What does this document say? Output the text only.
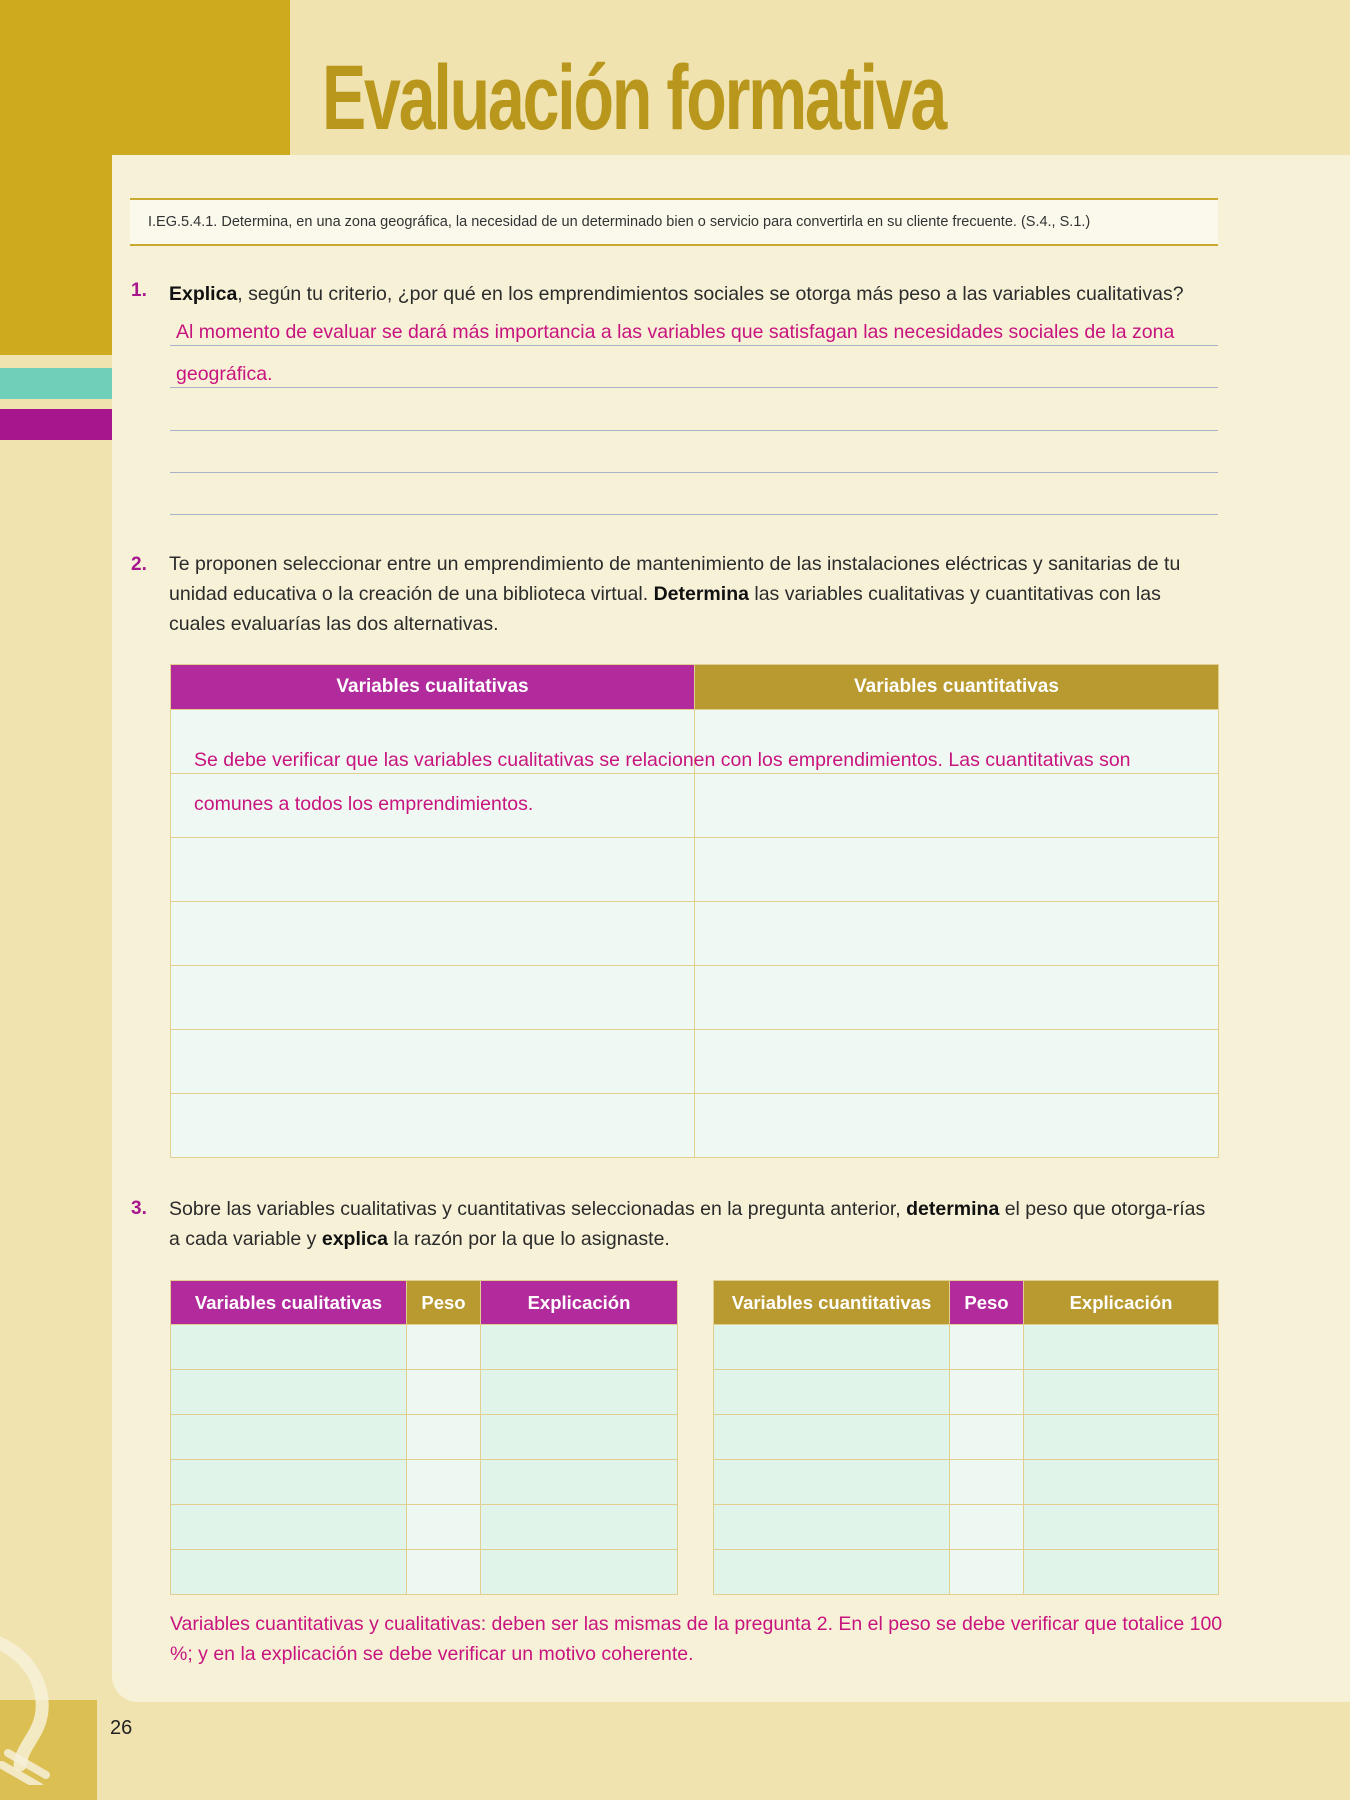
Evaluación formativa
I.EG.5.4.1. Determina, en una zona geográfica, la necesidad de un determinado bien o servicio para convertirla en su cliente frecuente. (S.4., S.1.)
1. Explica, según tu criterio, ¿por qué en los emprendimientos sociales se otorga más peso a las variables cualitativas?
Al momento de evaluar se dará más importancia a las variables que satisfagan las necesidades sociales de la zona
geográfica.
2. Te proponen seleccionar entre un emprendimiento de mantenimiento de las instalaciones eléctricas y sanitarias de tu unidad educativa o la creación de una biblioteca virtual. Determina las variables cualitativas y cuantitativas con las cuales evaluarías las dos alternativas.
Variables cualitativas	Variables cuantitativas

Se debe verificar que las variables cualitativas se relacionen con los emprendimientos. Las cuantitativas son comunes a todos los emprendimientos.
3. Sobre las variables cualitativas y cuantitativas seleccionadas en la pregunta anterior, determina el peso que otorga-rías a cada variable y explica la razón por la que lo asignaste.
Variables cualitativas	Peso	Explicación

			Variables cuantitativas	Peso	Explicación

Variables cuantitativas y cualitativas: deben ser las mismas de la pregunta 2. En el peso se debe verificar que totalice 100 %; y en la explicación se debe verificar un motivo coherente.
26
